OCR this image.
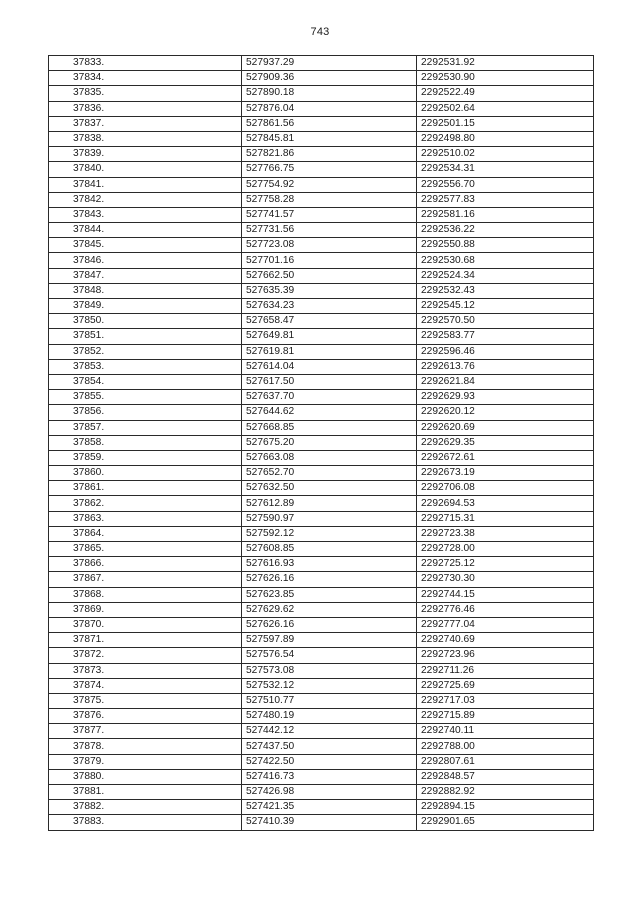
743
37833.	527937.29	2292531.92
37834.	527909.36	2292530.90
37835.	527890.18	2292522.49
37836.	527876.04	2292502.64
37837.	527861.56	2292501.15
37838.	527845.81	2292498.80
37839.	527821.86	2292510.02
37840.	527766.75	2292534.31
37841.	527754.92	2292556.70
37842.	527758.28	2292577.83
37843.	527741.57	2292581.16
37844.	527731.56	2292536.22
37845.	527723.08	2292550.88
37846.	527701.16	2292530.68
37847.	527662.50	2292524.34
37848.	527635.39	2292532.43
37849.	527634.23	2292545.12
37850.	527658.47	2292570.50
37851.	527649.81	2292583.77
37852.	527619.81	2292596.46
37853.	527614.04	2292613.76
37854.	527617.50	2292621.84
37855.	527637.70	2292629.93
37856.	527644.62	2292620.12
37857.	527668.85	2292620.69
37858.	527675.20	2292629.35
37859.	527663.08	2292672.61
37860.	527652.70	2292673.19
37861.	527632.50	2292706.08
37862.	527612.89	2292694.53
37863.	527590.97	2292715.31
37864.	527592.12	2292723.38
37865.	527608.85	2292728.00
37866.	527616.93	2292725.12
37867.	527626.16	2292730.30
37868.	527623.85	2292744.15
37869.	527629.62	2292776.46
37870.	527626.16	2292777.04
37871.	527597.89	2292740.69
37872.	527576.54	2292723.96
37873.	527573.08	2292711.26
37874.	527532.12	2292725.69
37875.	527510.77	2292717.03
37876.	527480.19	2292715.89
37877.	527442.12	2292740.11
37878.	527437.50	2292788.00
37879.	527422.50	2292807.61
37880.	527416.73	2292848.57
37881.	527426.98	2292882.92
37882.	527421.35	2292894.15
37883.	527410.39	2292901.65
